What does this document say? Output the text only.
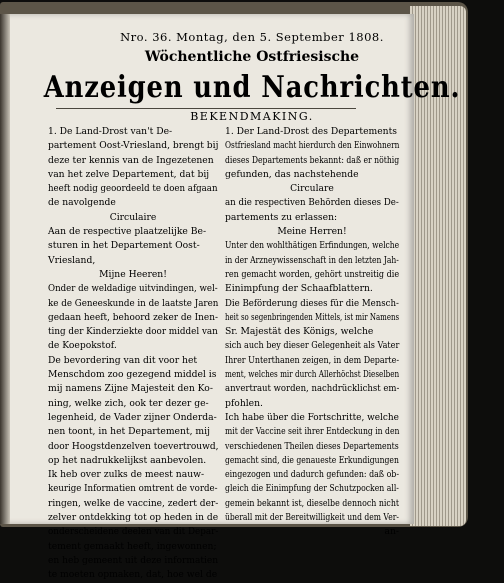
Nro. 36. Montag, den 5. September 1808.
Wöchentliche Ostfriesische
Anzeigen und Nachrichten.
BEKENDMAKING.
1. De Land-Drost van't De-
partement Oost-Vriesland, brengt bij
deze ter kennis van de Ingezetenen
van het zelve Departement, dat bij
heeft nodig geoordeeld te doen afgaan
de navolgende
Circulaire
Aan de respective plaatzelijke Be-
sturen in het Departement Oost-
Vriesland,
Mijne Heeren!
Onder de weldadige uitvindingen, wel-
ke de Geneeskunde in de laatste Jaren
gedaan heeft, behoord zeker de Inen-
ting der Kinderziekte door middel van
de Koepokstof.
De bevordering van dit voor het
Menschdom zoo gezegend middel is
mij namens Zijne Majesteit den Ko-
ning, welke zich, ook ter dezer ge-
legenheid, de Vader zijner Onderda-
nen toont, in het Departement, mij
door Hoogstdenzelven toevertrouwd,
op het nadrukkelijkst aanbevolen.
Ik heb over zulks de meest nauw-
keurige Informatien omtrent de vorde-
ringen, welke de vaccine, zedert der-
zelver ontdekking tot op heden in de
onderscheidene deelen van dit Depar-
tement gemaakt heeft, ingewonnen;
en heb gemeent uit deze informatien
te moeten opmaken, dat, hoe wel de
1. Der Land-Drost des Departements
Ostfriesland macht hierdurch den Einwohnern
dieses Departements bekannt: daß er nöthig
gefunden, das nachstehende
Circulare
an die respectiven Behörden dieses De-
partements zu erlassen:
Meine Herren!
Unter den wohlthätigen Erfindungen, welche
in der Arzneywissenschaft in den letzten Jah-
ren gemacht worden, gehört unstreitig die
Einimpfung der Schaafblattern.
Die Beförderung dieses für die Mensch-
heit so segenbringenden Mittels, ist mir Namens
Sr. Majestät des Königs, welche
sich auch bey dieser Gelegenheit als Vater
Ihrer Unterthanen zeigen, in dem Departe-
ment, welches mir durch Allerhöchst Dieselben
anvertraut worden, nachdrücklichst em-
pfohlen.
Ich habe über die Fortschritte, welche
mit der Vaccine seit ihrer Entdeckung in den
verschiedenen Theilen dieses Departements
gemacht sind, die genaueste Erkundigungen
eingezogen und dadurch gefunden: daß ob-
gleich die Einimpfung der Schutzpocken all-
gemein bekannt ist, dieselbe dennoch nicht
überall mit der Bereitwilligkeit und dem Ver-
an-
